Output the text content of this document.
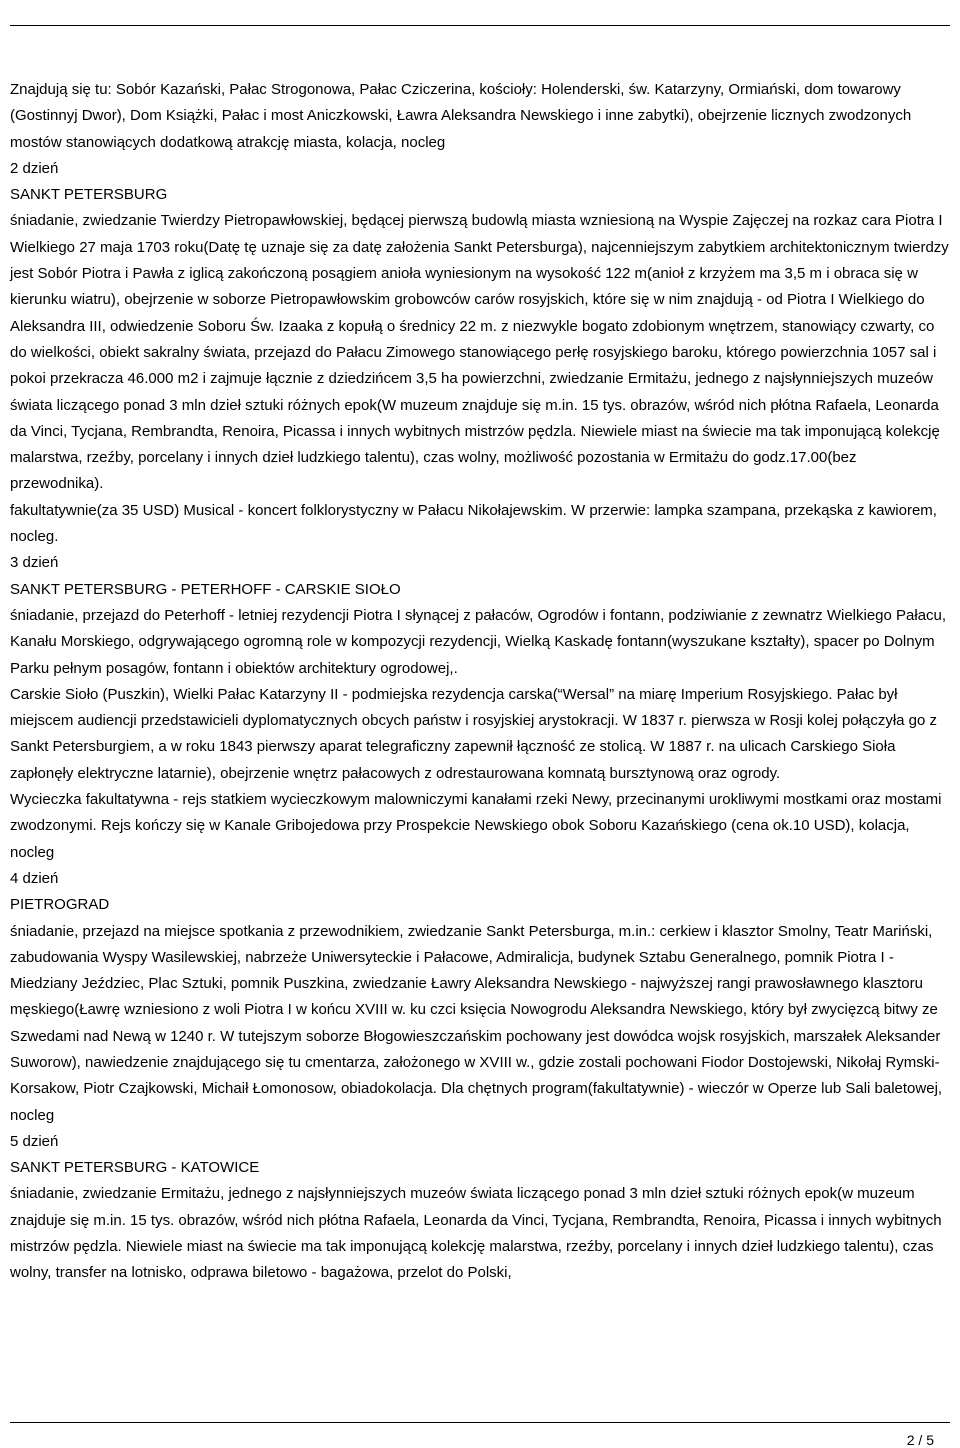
Znajdują się tu: Sobór Kazański, Pałac Strogonowa, Pałac Cziczerina, kościoły: Holenderski, św. Katarzyny, Ormiański, dom towarowy (Gostinnyj Dwor), Dom Książki, Pałac i most Aniczkowski, Ławra Aleksandra Newskiego i inne zabytki), obejrzenie licznych zwodzonych mostów stanowiących dodatkową atrakcję miasta, kolacja, nocleg

2 dzień

SANKT PETERSBURG

śniadanie, zwiedzanie Twierdzy Pietropawłowskiej, będącej pierwszą budowlą miasta wzniesioną na Wyspie Zajęczej na rozkaz cara Piotra I Wielkiego 27 maja 1703 roku(Datę tę uznaje się za datę założenia Sankt Petersburga), najcenniejszym zabytkiem architektonicznym twierdzy jest Sobór Piotra i Pawła z iglicą zakończoną posągiem anioła wyniesionym na wysokość 122 m(anioł z krzyżem ma 3,5 m i obraca się w kierunku wiatru), obejrzenie w soborze Pietropawłowskim grobowców carów rosyjskich, które się w nim znajdują - od Piotra I Wielkiego do Aleksandra III, odwiedzenie Soboru Św. Izaaka z kopułą o średnicy 22 m. z niezwykle bogato zdobionym wnętrzem, stanowiący czwarty, co do wielkości, obiekt sakralny świata, przejazd do Pałacu Zimowego stanowiącego perłę rosyjskiego baroku, którego powierzchnia 1057 sal i pokoi przekracza 46.000 m2 i zajmuje łącznie z dziedzińcem 3,5 ha powierzchni, zwiedzanie Ermitażu, jednego z najsłynniejszych muzeów świata liczącego ponad 3 mln dzieł sztuki różnych epok(W muzeum znajduje się m.in. 15 tys. obrazów, wśród nich płótna Rafaela, Leonarda da Vinci, Tycjana, Rembrandta, Renoira, Picassa i innych wybitnych mistrzów pędzla. Niewiele miast na świecie ma tak imponującą kolekcję malarstwa, rzeźby, porcelany i innych dzieł ludzkiego talentu), czas wolny, możliwość pozostania w Ermitażu do godz.17.00(bez przewodnika).

fakultatywnie(za 35 USD) Musical - koncert folklorystyczny w Pałacu Nikołajewskim. W przerwie: lampka szampana, przekąska z kawiorem, nocleg.

3 dzień

SANKT PETERSBURG - PETERHOFF - CARSKIE SIOŁO

śniadanie, przejazd do Peterhoff - letniej rezydencji Piotra I słynącej z pałaców, Ogrodów i fontann, podziwianie z zewnatrz Wielkiego Pałacu, Kanału Morskiego, odgrywającego ogromną role w kompozycji rezydencji, Wielką Kaskadę fontann(wyszukane kształty), spacer po Dolnym Parku pełnym posagów, fontann i obiektów architektury ogrodowej,.

Carskie Sioło (Puszkin), Wielki Pałac Katarzyny II - podmiejska rezydencja carska(“Wersal” na miarę Imperium Rosyjskiego. Pałac był miejscem audiencji przedstawicieli dyplomatycznych obcych państw i rosyjskiej arystokracji. W 1837 r. pierwsza w Rosji kolej połączyła go z Sankt Petersburgiem, a w roku 1843 pierwszy aparat telegraficzny zapewnił łączność ze stolicą. W 1887 r. na ulicach Carskiego Sioła zapłonęły elektryczne latarnie), obejrzenie wnętrz pałacowych z odrestaurowana komnatą bursztynową oraz ogrody.

Wycieczka fakultatywna - rejs statkiem wycieczkowym malowniczymi kanałami rzeki Newy, przecinanymi urokliwymi mostkami oraz mostami zwodzonymi. Rejs kończy się w Kanale Gribojedowa przy Prospekcie Newskiego obok Soboru Kazańskiego (cena ok.10 USD), kolacja, nocleg

4 dzień

PIETROGRAD

śniadanie, przejazd na miejsce spotkania z przewodnikiem, zwiedzanie Sankt Petersburga, m.in.: cerkiew i klasztor Smolny, Teatr Mariński, zabudowania Wyspy Wasilewskiej, nabrzeże Uniwersyteckie i Pałacowe, Admiralicja, budynek Sztabu Generalnego, pomnik Piotra I - Miedziany Jeździec, Plac Sztuki, pomnik Puszkina, zwiedzanie Ławry Aleksandra Newskiego - najwyższej rangi prawosławnego klasztoru męskiego(Ławrę wzniesiono z woli Piotra I w końcu XVIII w. ku czci księcia Nowogrodu Aleksandra Newskiego, który był zwycięzcą bitwy ze Szwedami nad Newą w 1240 r. W tutejszym soborze Błogowieszczańskim pochowany jest dowódca wojsk rosyjskich, marszałek Aleksander Suworow), nawiedzenie znajdującego się tu cmentarza, założonego w XVIII w., gdzie zostali pochowani Fiodor Dostojewski, Nikołaj Rymski-Korsakow, Piotr Czajkowski, Michaił Łomonosow, obiadokolacja. Dla chętnych program(fakultatywnie) - wieczór w Operze lub Sali baletowej, nocleg

5 dzień

SANKT PETERSBURG - KATOWICE

śniadanie, zwiedzanie Ermitażu, jednego z najsłynniejszych muzeów świata liczącego ponad 3 mln dzieł sztuki różnych epok(w muzeum znajduje się m.in. 15 tys. obrazów, wśród nich płótna Rafaela, Leonarda da Vinci, Tycjana, Rembrandta, Renoira, Picassa i innych wybitnych mistrzów pędzla. Niewiele miast na świecie ma tak imponującą kolekcję malarstwa, rzeźby, porcelany i innych dzieł ludzkiego talentu), czas wolny, transfer na lotnisko, odprawa biletowo - bagażowa, przelot do Polski,

2 / 5
